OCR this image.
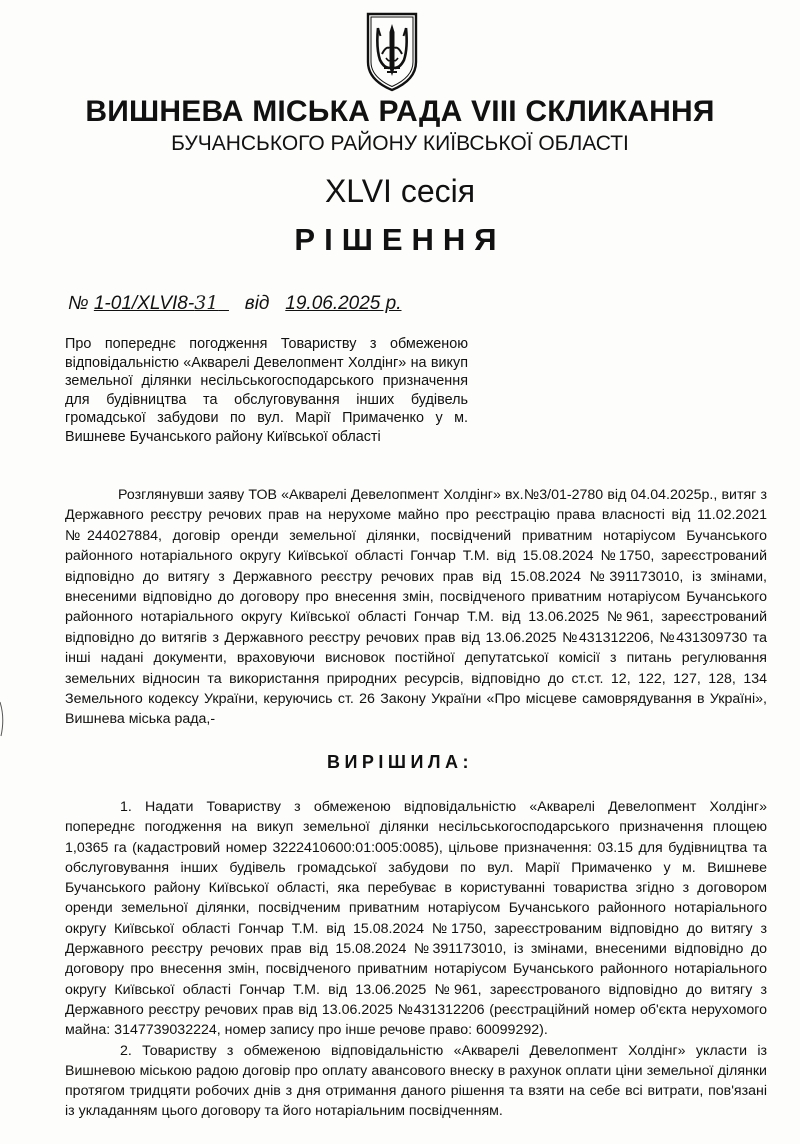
ВИШНЕВА МІСЬКА РАДА VIII СКЛИКАННЯ
БУЧАНСЬКОГО РАЙОНУ КИЇВСЬКОЇ ОБЛАСТІ
XLVI сесія
РІШЕННЯ
№ 1-01/XLVI8-31 від 19.06.2025 р.

Про попереднє погодження Товариству з обмеженою відповідальністю «Акварелі Девелопмент Холдінг» на викуп земельної ділянки несільськогосподарського призначення для будівництва та обслуговування інших будівель громадської забудови по вул. Марії Примаченко у м. Вишневе Бучанського району Київської області

Розглянувши заяву ТОВ «Акварелі Девелопмент Холдінг» вх.№3/01-2780 від 04.04.2025р., витяг з Державного реєстру речових прав на нерухоме майно про реєстрацію права власності від 11.02.2021 №244027884, договір оренди земельної ділянки, посвідчений приватним нотаріусом Бучанського районного нотаріального округу Київської області Гончар Т.М. від 15.08.2024 №1750, зареєстрований відповідно до витягу з Державного реєстру речових прав від 15.08.2024 №391173010, із змінами, внесеними відповідно до договору про внесення змін, посвідченого приватним нотаріусом Бучанського районного нотаріального округу Київської області Гончар Т.М. від 13.06.2025 №961, зареєстрований відповідно до витягів з Державного реєстру речових прав від 13.06.2025 №431312206, №431309730 та інші надані документи, враховуючи висновок постійної депутатської комісії з питань регулювання земельних відносин та використання природних ресурсів, відповідно до ст.ст. 12, 122, 127, 128, 134 Земельного кодексу України, керуючись ст. 26 Закону України «Про місцеве самоврядування в Україні», Вишнева міська рада,-

ВИРІШИЛА:

1. Надати Товариству з обмеженою відповідальністю «Акварелі Девелопмент Холдінг» попереднє погодження на викуп земельної ділянки несільськогосподарського призначення площею 1,0365 га (кадастровий номер 3222410600:01:005:0085), цільове призначення: 03.15 для будівництва та обслуговування інших будівель громадської забудови по вул. Марії Примаченко у м. Вишневе Бучанського району Київської області, яка перебуває в користуванні товариства згідно з договором оренди земельної ділянки, посвідченим приватним нотаріусом Бучанського районного нотаріального округу Київської області Гончар Т.М. від 15.08.2024 №1750, зареєстрованим відповідно до витягу з Державного реєстру речових прав від 15.08.2024 №391173010, із змінами, внесеними відповідно до договору про внесення змін, посвідченого приватним нотаріусом Бучанського районного нотаріального округу Київської області Гончар Т.М. від 13.06.2025 №961, зареєстрованого відповідно до витягу з Державного реєстру речових прав від 13.06.2025 №431312206 (реєстраційний номер об'єкта нерухомого майна: 3147739032224, номер запису про інше речове право: 60099292).

2. Товариству з обмеженою відповідальністю «Акварелі Девелопмент Холдінг» укласти із Вишневою міською радою договір про оплату авансового внеску в рахунок оплати ціни земельної ділянки протягом тридцяти робочих днів з дня отримання даного рішення та взяти на себе всі витрати, пов'язані із укладанням цього договору та його нотаріальним посвідченням.
